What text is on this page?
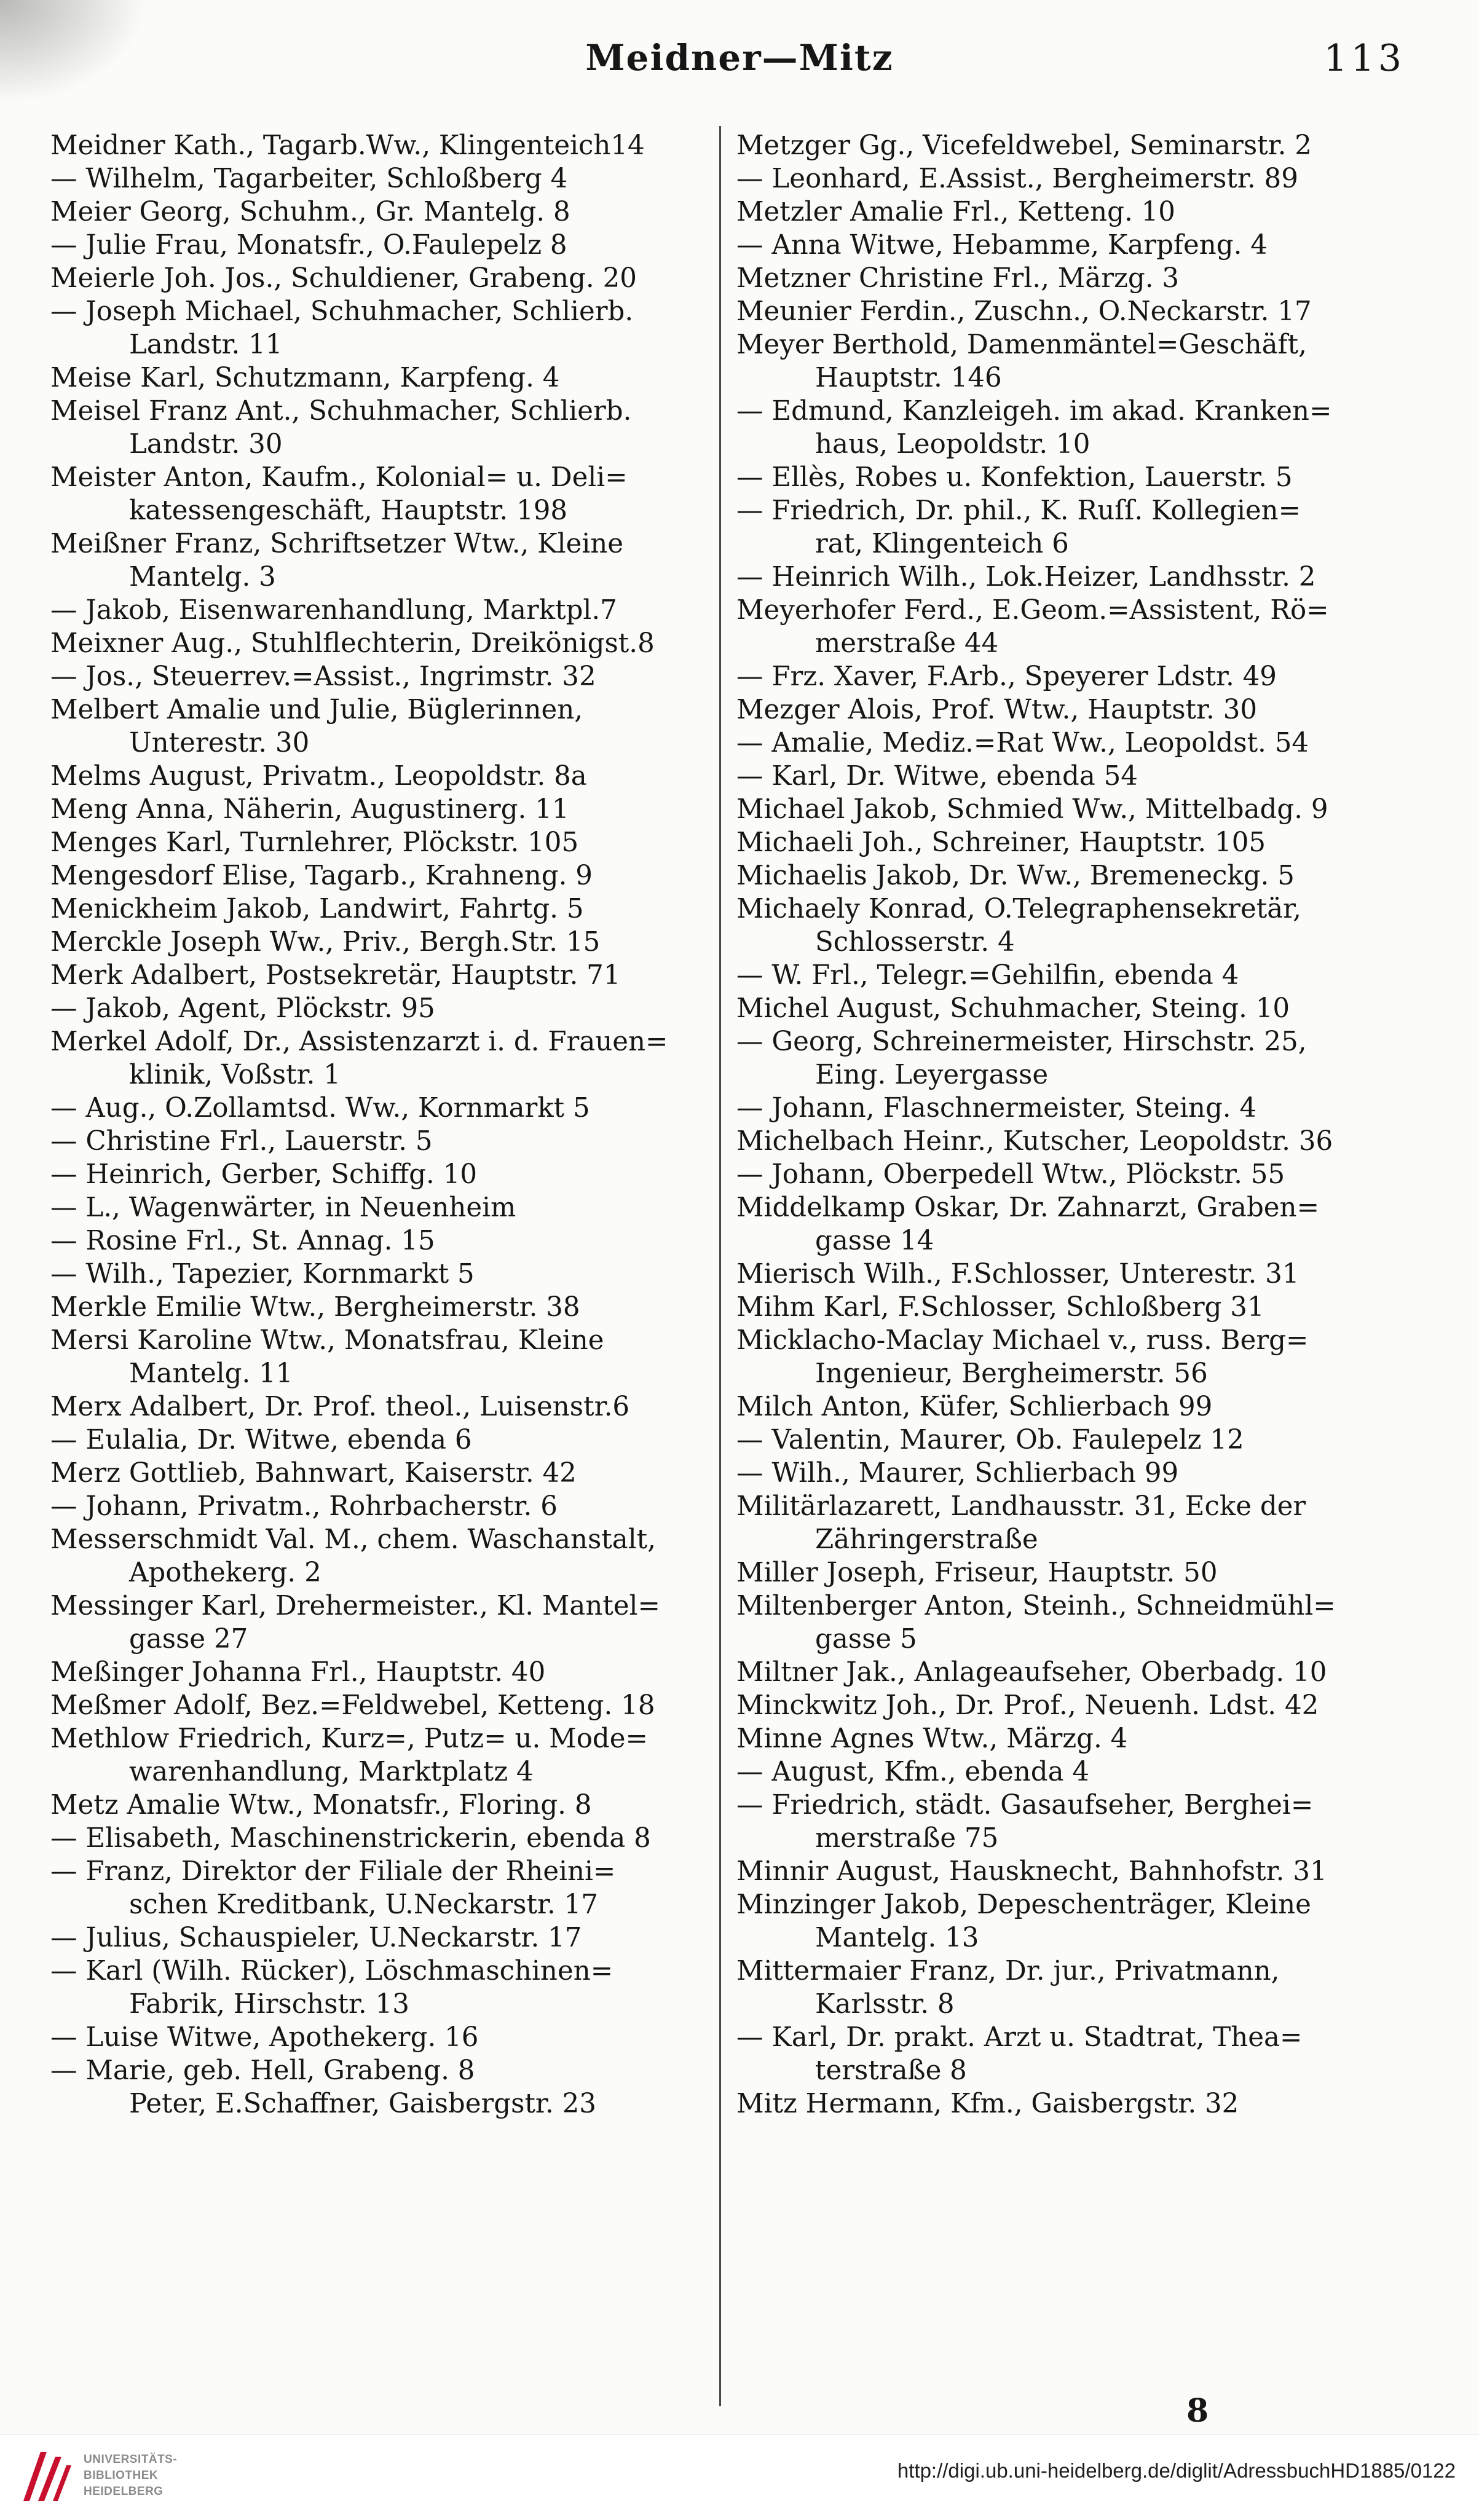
Meidner—Mitz	113
Meidner Kath., Tagarb.Ww., Klingenteich14
— Wilhelm, Tagarbeiter, Schloßberg 4
Meier Georg, Schuhm., Gr. Mantelg. 8
— Julie Frau, Monatsfr., O.Faulepelz 8
Meierle Joh. Jos., Schuldiener, Grabeng. 20
— Joseph Michael, Schuhmacher, Schlierb.
Landstr. 11
Meise Karl, Schutzmann, Karpfeng. 4
Meisel Franz Ant., Schuhmacher, Schlierb.
Landstr. 30
Meister Anton, Kaufm., Kolonial= u. Deli=
katessengeschäft, Hauptstr. 198
Meißner Franz, Schriftsetzer Wtw., Kleine
Mantelg. 3
— Jakob, Eisenwarenhandlung, Marktpl.7
Meixner Aug., Stuhlflechterin, Dreikönigst.8
— Jos., Steuerrev.=Assist., Ingrimstr. 32
Melbert Amalie und Julie, Büglerinnen,
Unterestr. 30
Melms August, Privatm., Leopoldstr. 8a
Meng Anna, Näherin, Augustinerg. 11
Menges Karl, Turnlehrer, Plöckstr. 105
Mengesdorf Elise, Tagarb., Krahneng. 9
Menickheim Jakob, Landwirt, Fahrtg. 5
Merckle Joseph Ww., Priv., Bergh.Str. 15
Merk Adalbert, Postsekretär, Hauptstr. 71
— Jakob, Agent, Plöckstr. 95
Merkel Adolf, Dr., Assistenzarzt i. d. Frauen=
klinik, Voßstr. 1
— Aug., O.Zollamtsd. Ww., Kornmarkt 5
— Christine Frl., Lauerstr. 5
— Heinrich, Gerber, Schiffg. 10
— L., Wagenwärter, in Neuenheim
— Rosine Frl., St. Annag. 15
— Wilh., Tapezier, Kornmarkt 5
Merkle Emilie Wtw., Bergheimerstr. 38
Mersi Karoline Wtw., Monatsfrau, Kleine
Mantelg. 11
Merx Adalbert, Dr. Prof. theol., Luisenstr.6
— Eulalia, Dr. Witwe, ebenda 6
Merz Gottlieb, Bahnwart, Kaiserstr. 42
— Johann, Privatm., Rohrbacherstr. 6
Messerschmidt Val. M., chem. Waschanstalt,
Apothekerg. 2
Messinger Karl, Drehermeister., Kl. Mantel=
gasse 27
Meßinger Johanna Frl., Hauptstr. 40
Meßmer Adolf, Bez.=Feldwebel, Ketteng. 18
Methlow Friedrich, Kurz=, Putz= u. Mode=
warenhandlung, Marktplatz 4
Metz Amalie Wtw., Monatsfr., Floring. 8
— Elisabeth, Maschinenstrickerin, ebenda 8
— Franz, Direktor der Filiale der Rheini=
schen Kreditbank, U.Neckarstr. 17
— Julius, Schauspieler, U.Neckarstr. 17
— Karl (Wilh. Rücker), Löschmaschinen=
Fabrik, Hirschstr. 13
— Luise Witwe, Apothekerg. 16
— Marie, geb. Hell, Grabeng. 8
Peter, E.Schaffner, Gaisbergstr. 23
Metzger Gg., Vicefeldwebel, Seminarstr. 2
— Leonhard, E.Assist., Bergheimerstr. 89
Metzler Amalie Frl., Ketteng. 10
— Anna Witwe, Hebamme, Karpfeng. 4
Metzner Christine Frl., Märzg. 3
Meunier Ferdin., Zuschn., O.Neckarstr. 17
Meyer Berthold, Damenmäntel=Geschäft,
Hauptstr. 146
— Edmund, Kanzleigeh. im akad. Kranken=
haus, Leopoldstr. 10
— Ellès, Robes u. Konfektion, Lauerstr. 5
— Friedrich, Dr. phil., K. Ruſſ. Kollegien=
rat, Klingenteich 6
— Heinrich Wilh., Lok.Heizer, Landhsstr. 2
Meyerhofer Ferd., E.Geom.=Assistent, Rö=
merstraße 44
— Frz. Xaver, F.Arb., Speyerer Ldstr. 49
Mezger Alois, Prof. Wtw., Hauptstr. 30
— Amalie, Mediz.=Rat Ww., Leopoldst. 54
— Karl, Dr. Witwe, ebenda 54
Michael Jakob, Schmied Ww., Mittelbadg. 9
Michaeli Joh., Schreiner, Hauptstr. 105
Michaelis Jakob, Dr. Ww., Bremeneckg. 5
Michaely Konrad, O.Telegraphensekretär,
Schlosserstr. 4
— W. Frl., Telegr.=Gehilfin, ebenda 4
Michel August, Schuhmacher, Steing. 10
— Georg, Schreinermeister, Hirschstr. 25,
Eing. Leyergasse
— Johann, Flaschnermeister, Steing. 4
Michelbach Heinr., Kutscher, Leopoldstr. 36
— Johann, Oberpedell Wtw., Plöckstr. 55
Middelkamp Oskar, Dr. Zahnarzt, Graben=
gasse 14
Mierisch Wilh., F.Schlosser, Unterestr. 31
Mihm Karl, F.Schlosser, Schloßberg 31
Micklacho-Maclay Michael v., russ. Berg=
Ingenieur, Bergheimerstr. 56
Milch Anton, Küfer, Schlierbach 99
— Valentin, Maurer, Ob. Faulepelz 12
— Wilh., Maurer, Schlierbach 99
Militärlazarett, Landhausstr. 31, Ecke der
Zähringerstraße
Miller Joseph, Friseur, Hauptstr. 50
Miltenberger Anton, Steinh., Schneidmühl=
gasse 5
Miltner Jak., Anlageaufseher, Oberbadg. 10
Minckwitz Joh., Dr. Prof., Neuenh. Ldst. 42
Minne Agnes Wtw., Märzg. 4
— August, Kfm., ebenda 4
— Friedrich, städt. Gasaufseher, Berghei=
merstraße 75
Minnir August, Hausknecht, Bahnhofstr. 31
Minzinger Jakob, Depeschenträger, Kleine
Mantelg. 13
Mittermaier Franz, Dr. jur., Privatmann,
Karlsstr. 8
— Karl, Dr. prakt. Arzt u. Stadtrat, Thea=
terstraße 8
Mitz Hermann, Kfm., Gaisbergstr. 32
8
UNIVERSITÄTS-
BIBLIOTHEK
HEIDELBERG
http://digi.ub.uni-heidelberg.de/diglit/AdressbuchHD1885/0122
